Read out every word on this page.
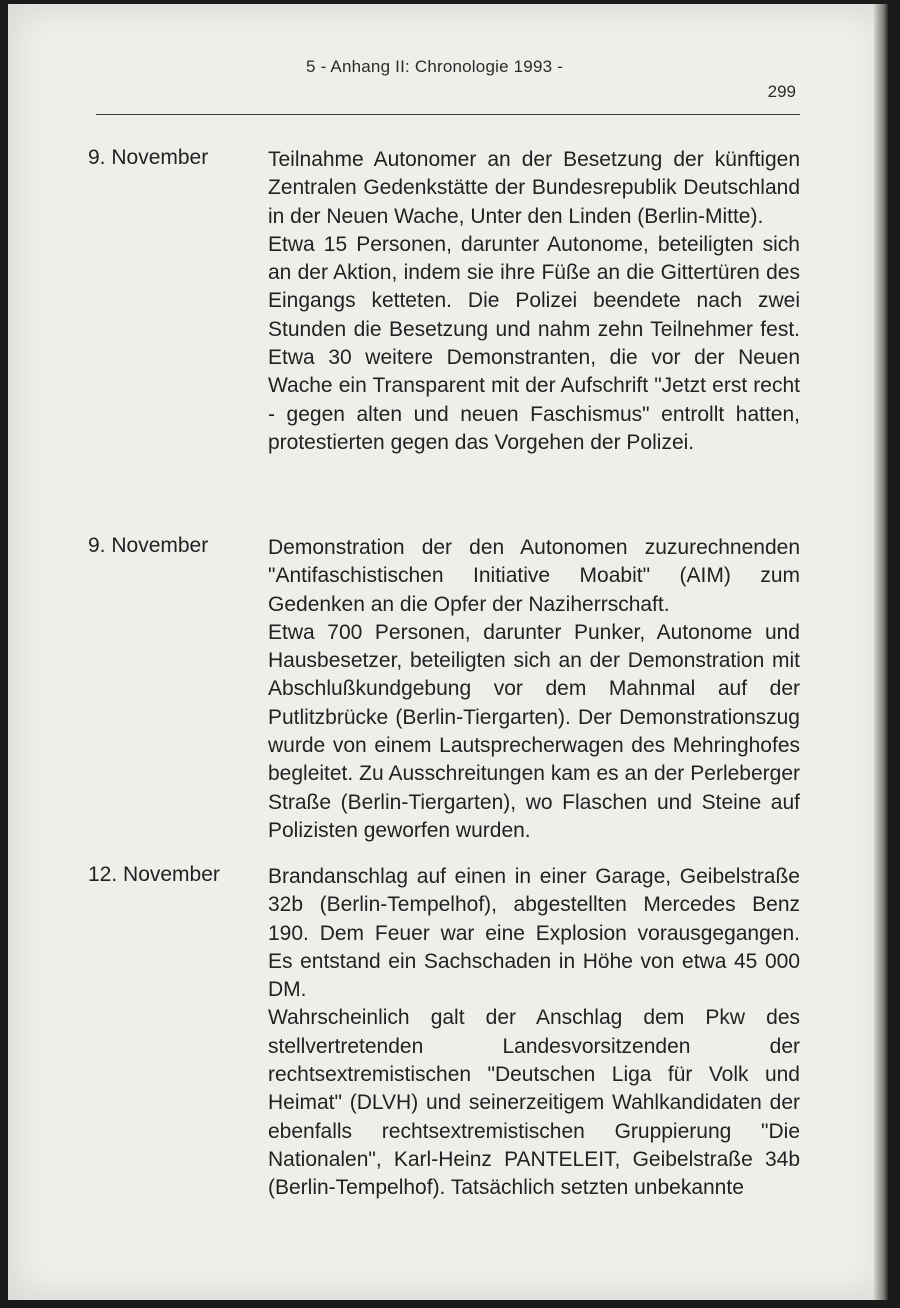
5 - Anhang II: Chronologie 1993 -
299
9. November	Teilnahme Autonomer an der Besetzung der künftigen Zentralen Gedenkstätte der Bundesrepublik Deutschland in der Neuen Wache, Unter den Linden (Berlin-Mitte).

Etwa 15 Personen, darunter Autonome, beteiligten sich an der Aktion, indem sie ihre Füße an die Gittertüren des Eingangs ketteten. Die Polizei beendete nach zwei Stunden die Besetzung und nahm zehn Teilnehmer fest. Etwa 30 weitere Demonstranten, die vor der Neuen Wache ein Transparent mit der Aufschrift "Jetzt erst recht - gegen alten und neuen Faschismus" entrollt hatten, protestierten gegen das Vorgehen der Polizei.

9. November	Demonstration der den Autonomen zuzurechnenden "Antifaschistischen Initiative Moabit" (AIM) zum Gedenken an die Opfer der Naziherrschaft.

Etwa 700 Personen, darunter Punker, Autonome und Hausbesetzer, beteiligten sich an der Demonstration mit Abschlußkundgebung vor dem Mahnmal auf der Putlitzbrücke (Berlin-Tiergarten). Der Demonstrationszug wurde von einem Lautsprecherwagen des Mehringhofes begleitet. Zu Ausschreitungen kam es an der Perleberger Straße (Berlin-Tiergarten), wo Flaschen und Steine auf Polizisten geworfen wurden.

12. November Brandanschlag auf einen in einer Garage, Geibelstraße 32b (Berlin-Tempelhof), abgestellten Mercedes Benz 190. Dem Feuer war eine Explosion vorausgegangen. Es entstand ein Sachschaden in Höhe von etwa 45 000 DM.

Wahrscheinlich galt der Anschlag dem Pkw des stellvertretenden Landesvorsitzenden der rechtsextremistischen "Deutschen Liga für Volk und Heimat" (DLVH) und seinerzeitigem Wahlkandidaten der ebenfalls rechtsextremistischen Gruppierung "Die Nationalen", Karl-Heinz PANTELEIT, Geibelstraße 34b (Berlin-Tempelhof). Tatsächlich setzten unbekannte
